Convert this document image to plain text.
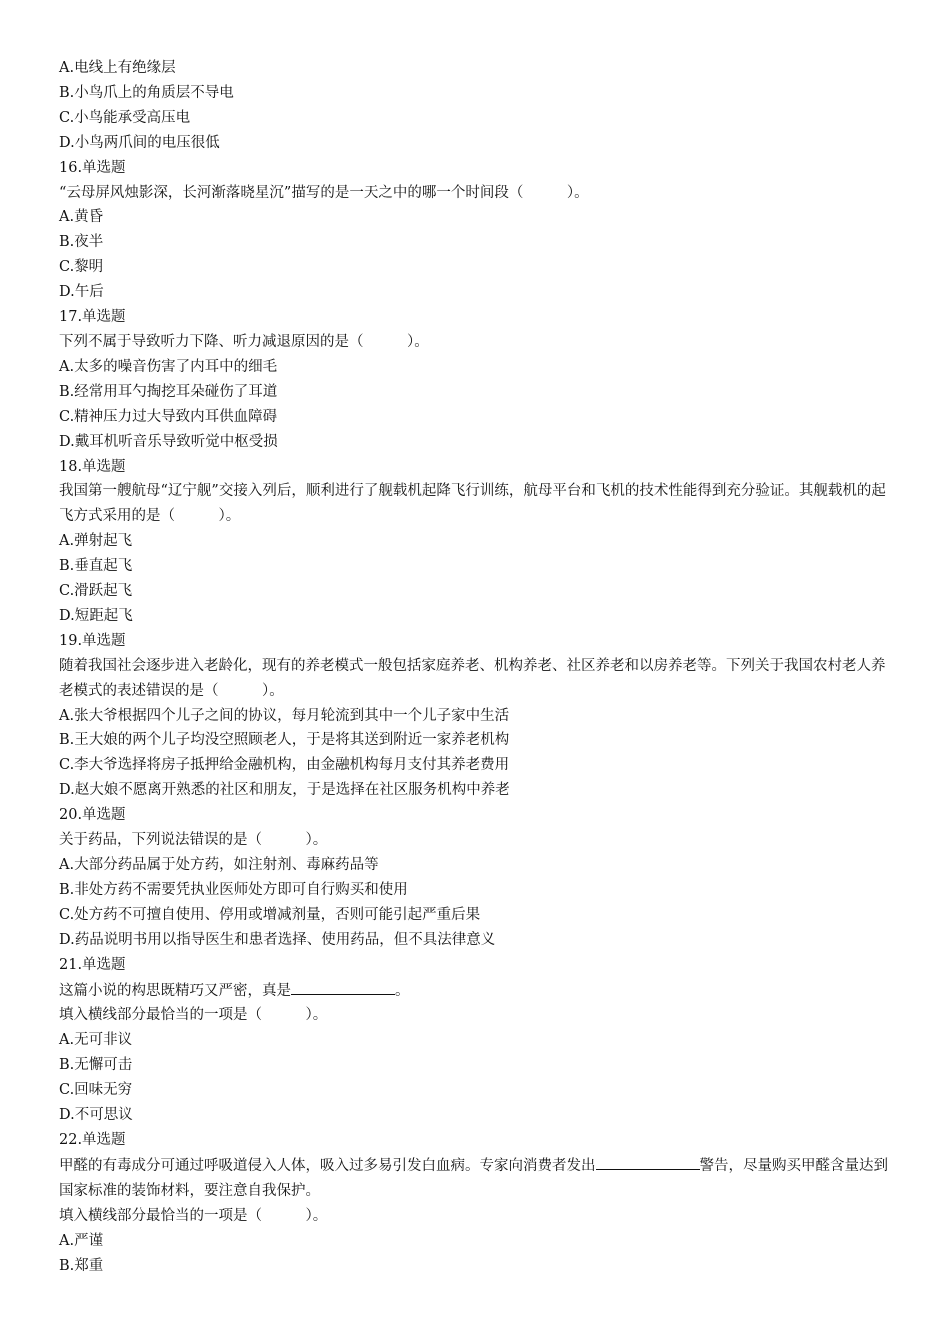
A.电线上有绝缘层
B.小鸟爪上的角质层不导电
C.小鸟能承受高压电
D.小鸟两爪间的电压很低
16.单选题
“云母屏风烛影深，长河渐落晓星沉”描写的是一天之中的哪一个时间段（　　　）。
A.黄昏
B.夜半
C.黎明
D.午后
17.单选题
下列不属于导致听力下降、听力减退原因的是（　　　）。
A.太多的噪音伤害了内耳中的细毛
B.经常用耳勺掏挖耳朵碰伤了耳道
C.精神压力过大导致内耳供血障碍
D.戴耳机听音乐导致听觉中枢受损
18.单选题
我国第一艘航母“辽宁舰”交接入列后，顺利进行了舰载机起降飞行训练，航母平台和飞机的技术性能得到充分验证。其舰载机的起飞方式采用的是（　　　）。
A.弹射起飞
B.垂直起飞
C.滑跃起飞
D.短距起飞
19.单选题
随着我国社会逐步进入老龄化，现有的养老模式一般包括家庭养老、机构养老、社区养老和以房养老等。下列关于我国农村老人养老模式的表述错误的是（　　　）。
A.张大爷根据四个儿子之间的协议，每月轮流到其中一个儿子家中生活
B.王大娘的两个儿子均没空照顾老人，于是将其送到附近一家养老机构
C.李大爷选择将房子抵押给金融机构，由金融机构每月支付其养老费用
D.赵大娘不愿离开熟悉的社区和朋友，于是选择在社区服务机构中养老
20.单选题
关于药品，下列说法错误的是（　　　）。
A.大部分药品属于处方药，如注射剂、毒麻药品等
B.非处方药不需要凭执业医师处方即可自行购买和使用
C.处方药不可擅自使用、停用或增减剂量，否则可能引起严重后果
D.药品说明书用以指导医生和患者选择、使用药品，但不具法律意义
21.单选题
这篇小说的构思既精巧又严密，真是	。
填入横线部分最恰当的一项是（　　　）。
A.无可非议
B.无懈可击
C.回味无穷
D.不可思议
22.单选题
甲醛的有毒成分可通过呼吸道侵入人体，吸入过多易引发白血病。专家向消费者发出	警告，尽量购买甲醛含量达到国家标准的装饰材料，要注意自我保护。
填入横线部分最恰当的一项是（　　　）。
A.严谨
B.郑重
